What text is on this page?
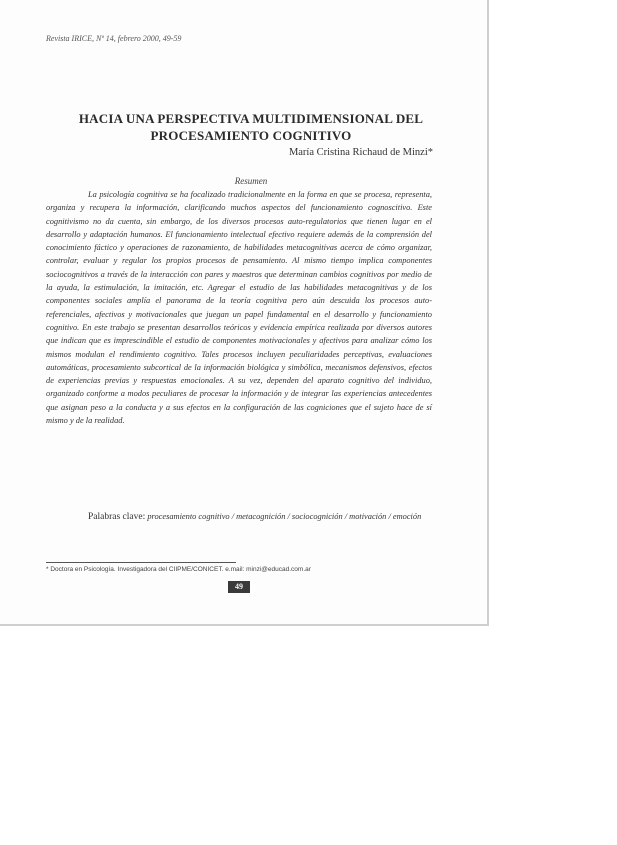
Revista IRICE, Nº 14, febrero 2000, 49-59
HACIA UNA PERSPECTIVA MULTIDIMENSIONAL DEL
PROCESAMIENTO COGNITIVO
María Cristina Richaud de Minzi*
Resumen

La psicología cognitiva se ha focalizado tradicionalmente en la forma en que se procesa, representa, organiza y recupera la información, clarificando muchos aspectos del funcionamiento cognoscitivo. Este cognitivismo no da cuenta, sin embargo, de los diversos procesos auto-regulatorios que tienen lugar en el desarrollo y adaptación humanos. El funcionamiento intelectual efectivo requiere además de la comprensión del conocimiento fáctico y operaciones de razonamiento, de habilidades metacognitivas acerca de cómo organizar, controlar, evaluar y regular los propios procesos de pensamiento. Al mismo tiempo implica componentes sociocognitivos a través de la interacción con pares y maestros que determinan cambios cognitivos por medio de la ayuda, la estimulación, la imitación, etc. Agregar el estudio de las habilidades metacognitivas y de los componentes sociales amplía el panorama de la teoría cognitiva pero aún descuida los procesos auto-referenciales, afectivos y motivacionales que juegan un papel fundamental en el desarrollo y funcionamiento cognitivo. En este trabajo se presentan desarrollos teóricos y evidencia empírica realizada por diversos autores que indican que es imprescindible el estudio de componentes motivacionales y afectivos para analizar cómo los mismos modulan el rendimiento cognitivo. Tales procesos incluyen peculiaridades perceptivas, evaluaciones automáticas, procesamiento subcortical de la información biológica y simbólica, mecanismos defensivos, efectos de experiencias previas y respuestas emocionales. A su vez, dependen del aparato cognitivo del individuo, organizado conforme a modos peculiares de procesar la información y de integrar las experiencias antecedentes que asignan peso a la conducta y a sus efectos en la configuración de las cogniciones que el sujeto hace de sí mismo y de la realidad.

Palabras clave: procesamiento cognitivo / metacognición / sociocognición / motivación / emoción

* Doctora en Psicología. Investigadora del CIIPME/CONICET. e.mail: minzi@educad.com.ar
49
